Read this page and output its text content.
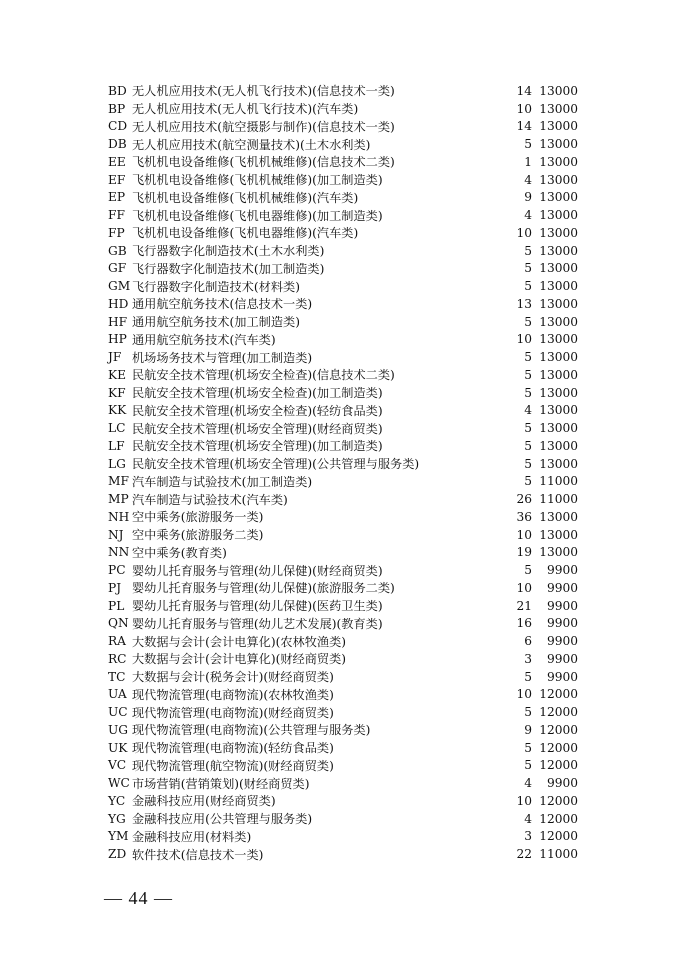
BD 无人机应用技术(无人机飞行技术)(信息技术一类)	14 13000
BP 无人机应用技术(无人机飞行技术)(汽车类)	10 13000
CD 无人机应用技术(航空摄影与制作)(信息技术一类)	14 13000
DB 无人机应用技术(航空测量技术)(土木水利类)	5 13000
EE 飞机机电设备维修(飞机机械维修)(信息技术二类)	1 13000
EF 飞机机电设备维修(飞机机械维修)(加工制造类)	4 13000
EP 飞机机电设备维修(飞机机械维修)(汽车类)	9 13000
FF 飞机机电设备维修(飞机电器维修)(加工制造类)	4 13000
FP 飞机机电设备维修(飞机电器维修)(汽车类)	10 13000
GB 飞行器数字化制造技术(土木水利类)	5 13000
GF 飞行器数字化制造技术(加工制造类)	5 13000
GM 飞行器数字化制造技术(材料类)	5 13000
HD 通用航空航务技术(信息技术一类)	13 13000
HF 通用航空航务技术(加工制造类)	5 13000
HP 通用航空航务技术(汽车类)	10 13000
JF 机场场务技术与管理(加工制造类)	5 13000
KE 民航安全技术管理(机场安全检查)(信息技术二类)	5 13000
KF 民航安全技术管理(机场安全检查)(加工制造类)	5 13000
KK 民航安全技术管理(机场安全检查)(轻纺食品类)	4 13000
LC 民航安全技术管理(机场安全管理)(财经商贸类)	5 13000
LF 民航安全技术管理(机场安全管理)(加工制造类)	5 13000
LG 民航安全技术管理(机场安全管理)(公共管理与服务类)	5 13000
MF 汽车制造与试验技术(加工制造类)	5 11000
MP 汽车制造与试验技术(汽车类)	26 11000
NH 空中乘务(旅游服务一类)	36 13000
NJ 空中乘务(旅游服务二类)	10 13000
NN 空中乘务(教育类)	19 13000
PC 婴幼儿托育服务与管理(幼儿保健)(财经商贸类)	5	9900
PJ 婴幼儿托育服务与管理(幼儿保健)(旅游服务二类)	10	9900
PL 婴幼儿托育服务与管理(幼儿保健)(医药卫生类)	21	9900
QN 婴幼儿托育服务与管理(幼儿艺术发展)(教育类)	16	9900
RA 大数据与会计(会计电算化)(农林牧渔类)	6	9900
RC 大数据与会计(会计电算化)(财经商贸类)	3	9900
TC 大数据与会计(税务会计)(财经商贸类)	5	9900
UA 现代物流管理(电商物流)(农林牧渔类)	10 12000
UC 现代物流管理(电商物流)(财经商贸类)	5 12000
UG 现代物流管理(电商物流)(公共管理与服务类)	9 12000
UK 现代物流管理(电商物流)(轻纺食品类)	5 12000
VC 现代物流管理(航空物流)(财经商贸类)	5 12000
WC 市场营销(营销策划)(财经商贸类)	4	9900
YC 金融科技应用(财经商贸类)	10 12000
YG 金融科技应用(公共管理与服务类)	4 12000
YM 金融科技应用(材料类)	3 12000
ZD 软件技术(信息技术一类)	22 11000
— 44 —
